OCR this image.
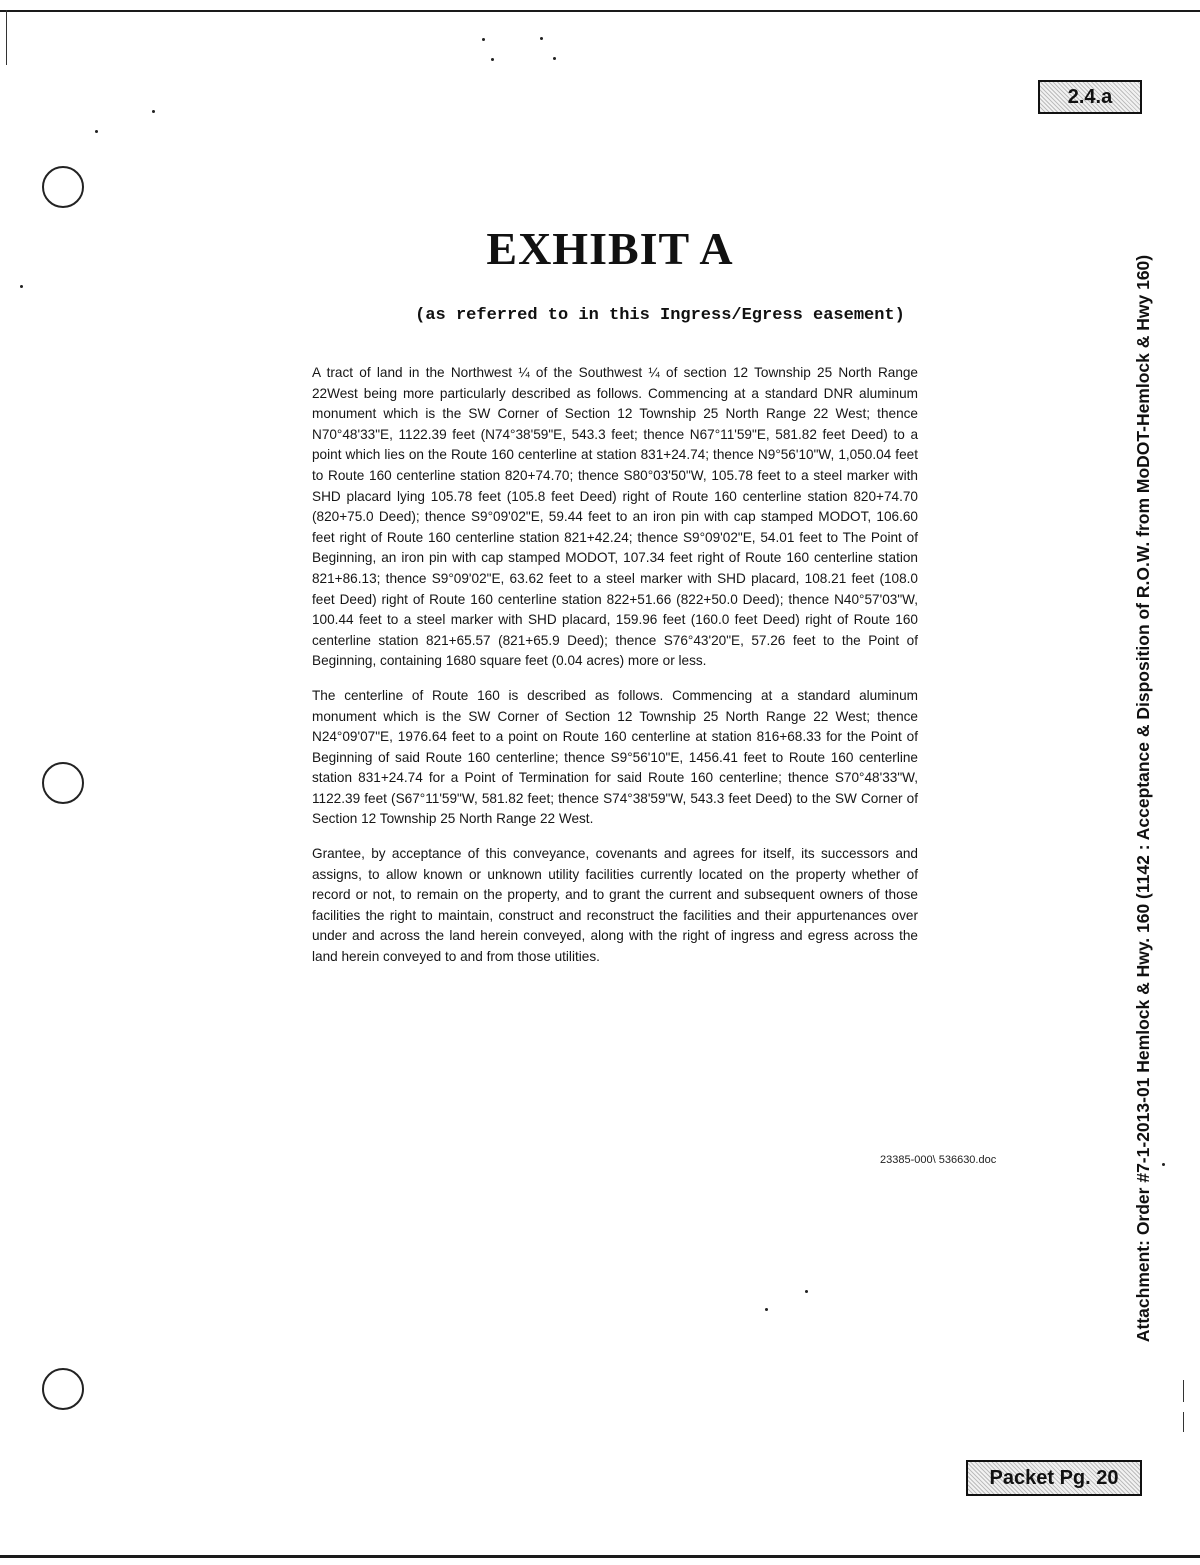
2.4.a
EXHIBIT A
(as referred to in this Ingress/Egress easement)

A tract of land in the Northwest ¼ of the Southwest ¼ of section 12 Township 25 North Range 22West being more particularly described as follows. Commencing at a standard DNR aluminum monument which is the SW Corner of Section 12 Township 25 North Range 22 West; thence N70°48'33"E, 1122.39 feet (N74°38'59"E, 543.3 feet; thence N67°11'59"E, 581.82 feet Deed) to a point which lies on the Route 160 centerline at station 831+24.74; thence N9°56'10"W, 1,050.04 feet to Route 160 centerline station 820+74.70; thence S80°03'50"W, 105.78 feet to a steel marker with SHD placard lying 105.78 feet (105.8 feet Deed) right of Route 160 centerline station 820+74.70 (820+75.0 Deed); thence S9°09'02"E, 59.44 feet to an iron pin with cap stamped MODOT, 106.60 feet right of Route 160 centerline station 821+42.24; thence S9°09'02"E, 54.01 feet to The Point of Beginning, an iron pin with cap stamped MODOT, 107.34 feet right of Route 160 centerline station 821+86.13; thence S9°09'02"E, 63.62 feet to a steel marker with SHD placard, 108.21 feet (108.0 feet Deed) right of Route 160 centerline station 822+51.66 (822+50.0 Deed); thence N40°57'03"W, 100.44 feet to a steel marker with SHD placard, 159.96 feet (160.0 feet Deed) right of Route 160 centerline station 821+65.57 (821+65.9 Deed); thence S76°43'20"E, 57.26 feet to the Point of Beginning, containing 1680 square feet (0.04 acres) more or less.

The centerline of Route 160 is described as follows. Commencing at a standard aluminum monument which is the SW Corner of Section 12 Township 25 North Range 22 West; thence N24°09'07"E, 1976.64 feet to a point on Route 160 centerline at station 816+68.33 for the Point of Beginning of said Route 160 centerline; thence S9°56'10"E, 1456.41 feet to Route 160 centerline station 831+24.74 for a Point of Termination for said Route 160 centerline; thence S70°48'33"W, 1122.39 feet (S67°11'59"W, 581.82 feet; thence S74°38'59"W, 543.3 feet Deed) to the SW Corner of Section 12 Township 25 North Range 22 West.

Grantee, by acceptance of this conveyance, covenants and agrees for itself, its successors and assigns, to allow known or unknown utility facilities currently located on the property whether of record or not, to remain on the property, and to grant the current and subsequent owners of those facilities the right to maintain, construct and reconstruct the facilities and their appurtenances over under and across the land herein conveyed, along with the right of ingress and egress across the land herein conveyed to and from those utilities.

23385-000\ 536630.doc	Attachment: Order #7-1-2013-01 Hemlock & Hwy. 160 (1142 : Acceptance & Disposition of R.O.W. from MoDOT-Hemlock & Hwy 160)
Packet Pg. 20
